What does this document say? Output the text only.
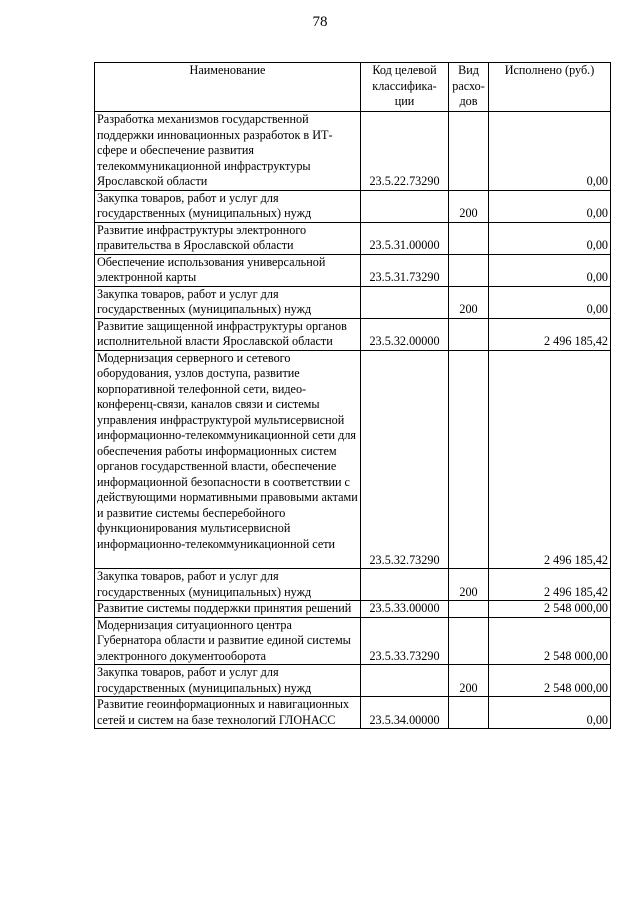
78
Наименование	Код целевой классифика-ции	Вид расхо-дов	Исполнено (руб.)
Разработка механизмов государственной поддержки инновационных разработок в ИТ-сфере и обеспечение развития телекоммуникационной инфраструктуры Ярославской области	23.5.22.73290		0,00
Закупка товаров, работ и услуг для государственных (муниципальных) нужд		200	0,00
Развитие инфраструктуры электронного правительства в Ярославской области	23.5.31.00000		0,00
Обеспечение использования универсальной электронной карты	23.5.31.73290		0,00
Закупка товаров, работ и услуг для государственных (муниципальных) нужд		200	0,00
Развитие защищенной инфраструктуры органов исполнительной власти Ярославской области	23.5.32.00000		2 496 185,42
Модернизация серверного и сетевого оборудования, узлов доступа, развитие корпоративной телефонной сети, видео-конференц-связи, каналов связи и системы управления инфраструктурой мультисервисной информационно-телекоммуникационной сети для обеспечения работы информационных систем органов государственной власти, обеспечение информационной безопасности в соответствии с действующими нормативными правовыми актами и развитие системы бесперебойного функционирования мультисервисной информационно-телекоммуникационной сети	23.5.32.73290		2 496 185,42
Закупка товаров, работ и услуг для государственных (муниципальных) нужд		200	2 496 185,42
Развитие системы поддержки принятия решений	23.5.33.00000		2 548 000,00
Модернизация ситуационного центра Губернатора области и развитие единой системы электронного документооборота	23.5.33.73290		2 548 000,00
Закупка товаров, работ и услуг для государственных (муниципальных) нужд		200	2 548 000,00
Развитие геоинформационных и навигационных сетей и систем на базе технологий ГЛОНАСС	23.5.34.00000		0,00
